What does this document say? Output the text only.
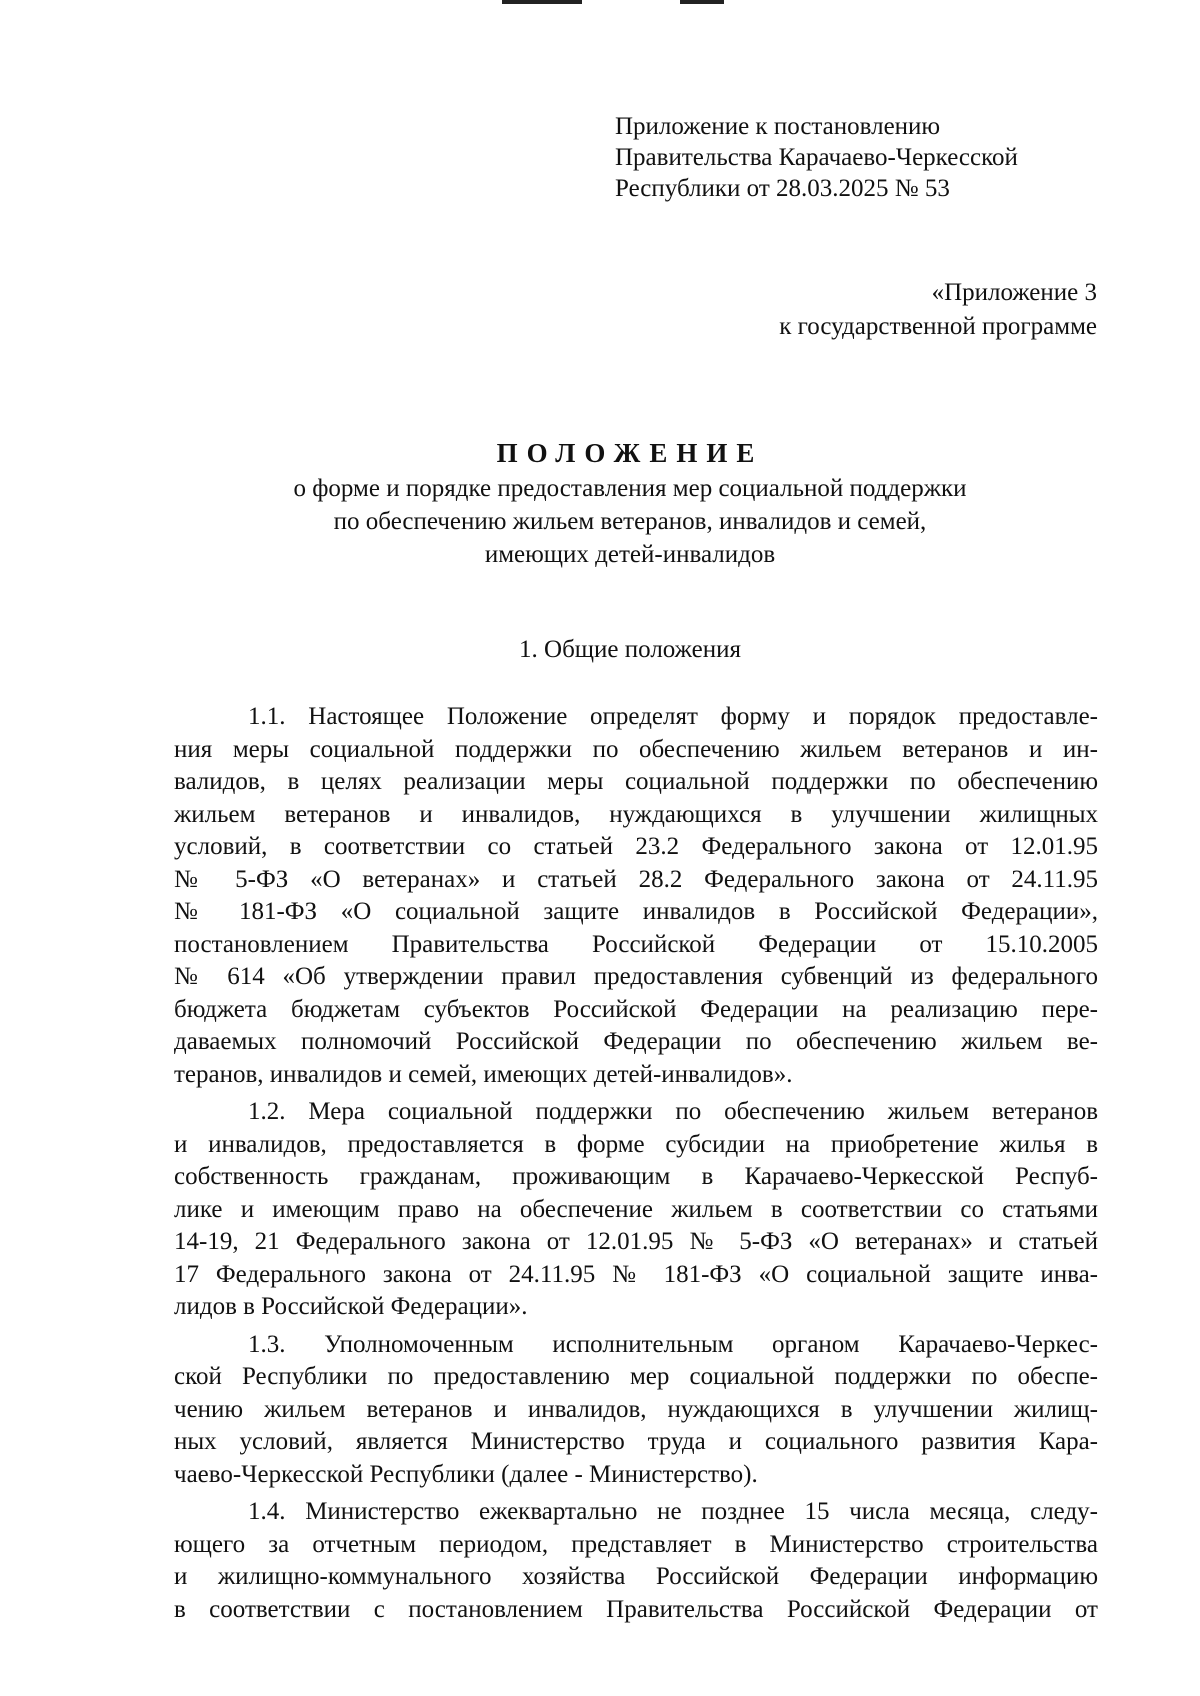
Приложение к постановлению
Правительства Карачаево-Черкесской
Республики от 28.03.2025 № 53
«Приложение 3
к государственной программе
ПОЛОЖЕНИЕ
о форме и порядке предоставления мер социальной поддержки
по обеспечению жильем ветеранов, инвалидов и семей,
имеющих детей-инвалидов
1. Общие положения
1.1. Настоящее Положение определят форму и порядок предоставле-
ния меры социальной поддержки по обеспечению жильем ветеранов и ин-
валидов, в целях реализации меры социальной поддержки по обеспечению
жильем ветеранов и инвалидов, нуждающихся в улучшении жилищных
условий, в соответствии со статьей 23.2 Федерального закона от 12.01.95
№ 5-ФЗ «О ветеранах» и статьей 28.2 Федерального закона от 24.11.95
№ 181-ФЗ «О социальной защите инвалидов в Российской Федерации»,
постановлением Правительства Российской Федерации от 15.10.2005
№ 614 «Об утверждении правил предоставления субвенций из федерального
бюджета бюджетам субъектов Российской Федерации на реализацию пере-
даваемых полномочий Российской Федерации по обеспечению жильем ве-
теранов, инвалидов и семей, имеющих детей-инвалидов».
1.2. Мера социальной поддержки по обеспечению жильем ветеранов
и инвалидов, предоставляется в форме субсидии на приобретение жилья в
собственность гражданам, проживающим в Карачаево-Черкесской Респуб-
лике и имеющим право на обеспечение жильем в соответствии со статьями
14-19, 21 Федерального закона от 12.01.95 № 5-ФЗ «О ветеранах» и статьей
17 Федерального закона от 24.11.95 № 181-ФЗ «О социальной защите инва-
лидов в Российской Федерации».
1.3. Уполномоченным исполнительным органом Карачаево-Черкес-
ской Республики по предоставлению мер социальной поддержки по обеспе-
чению жильем ветеранов и инвалидов, нуждающихся в улучшении жилищ-
ных условий, является Министерство труда и социального развития Кара-
чаево-Черкесской Республики (далее - Министерство).
1.4. Министерство ежеквартально не позднее 15 числа месяца, следу-
ющего за отчетным периодом, представляет в Министерство строительства
и жилищно-коммунального хозяйства Российской Федерации информацию
в соответствии с постановлением Правительства Российской Федерации от
